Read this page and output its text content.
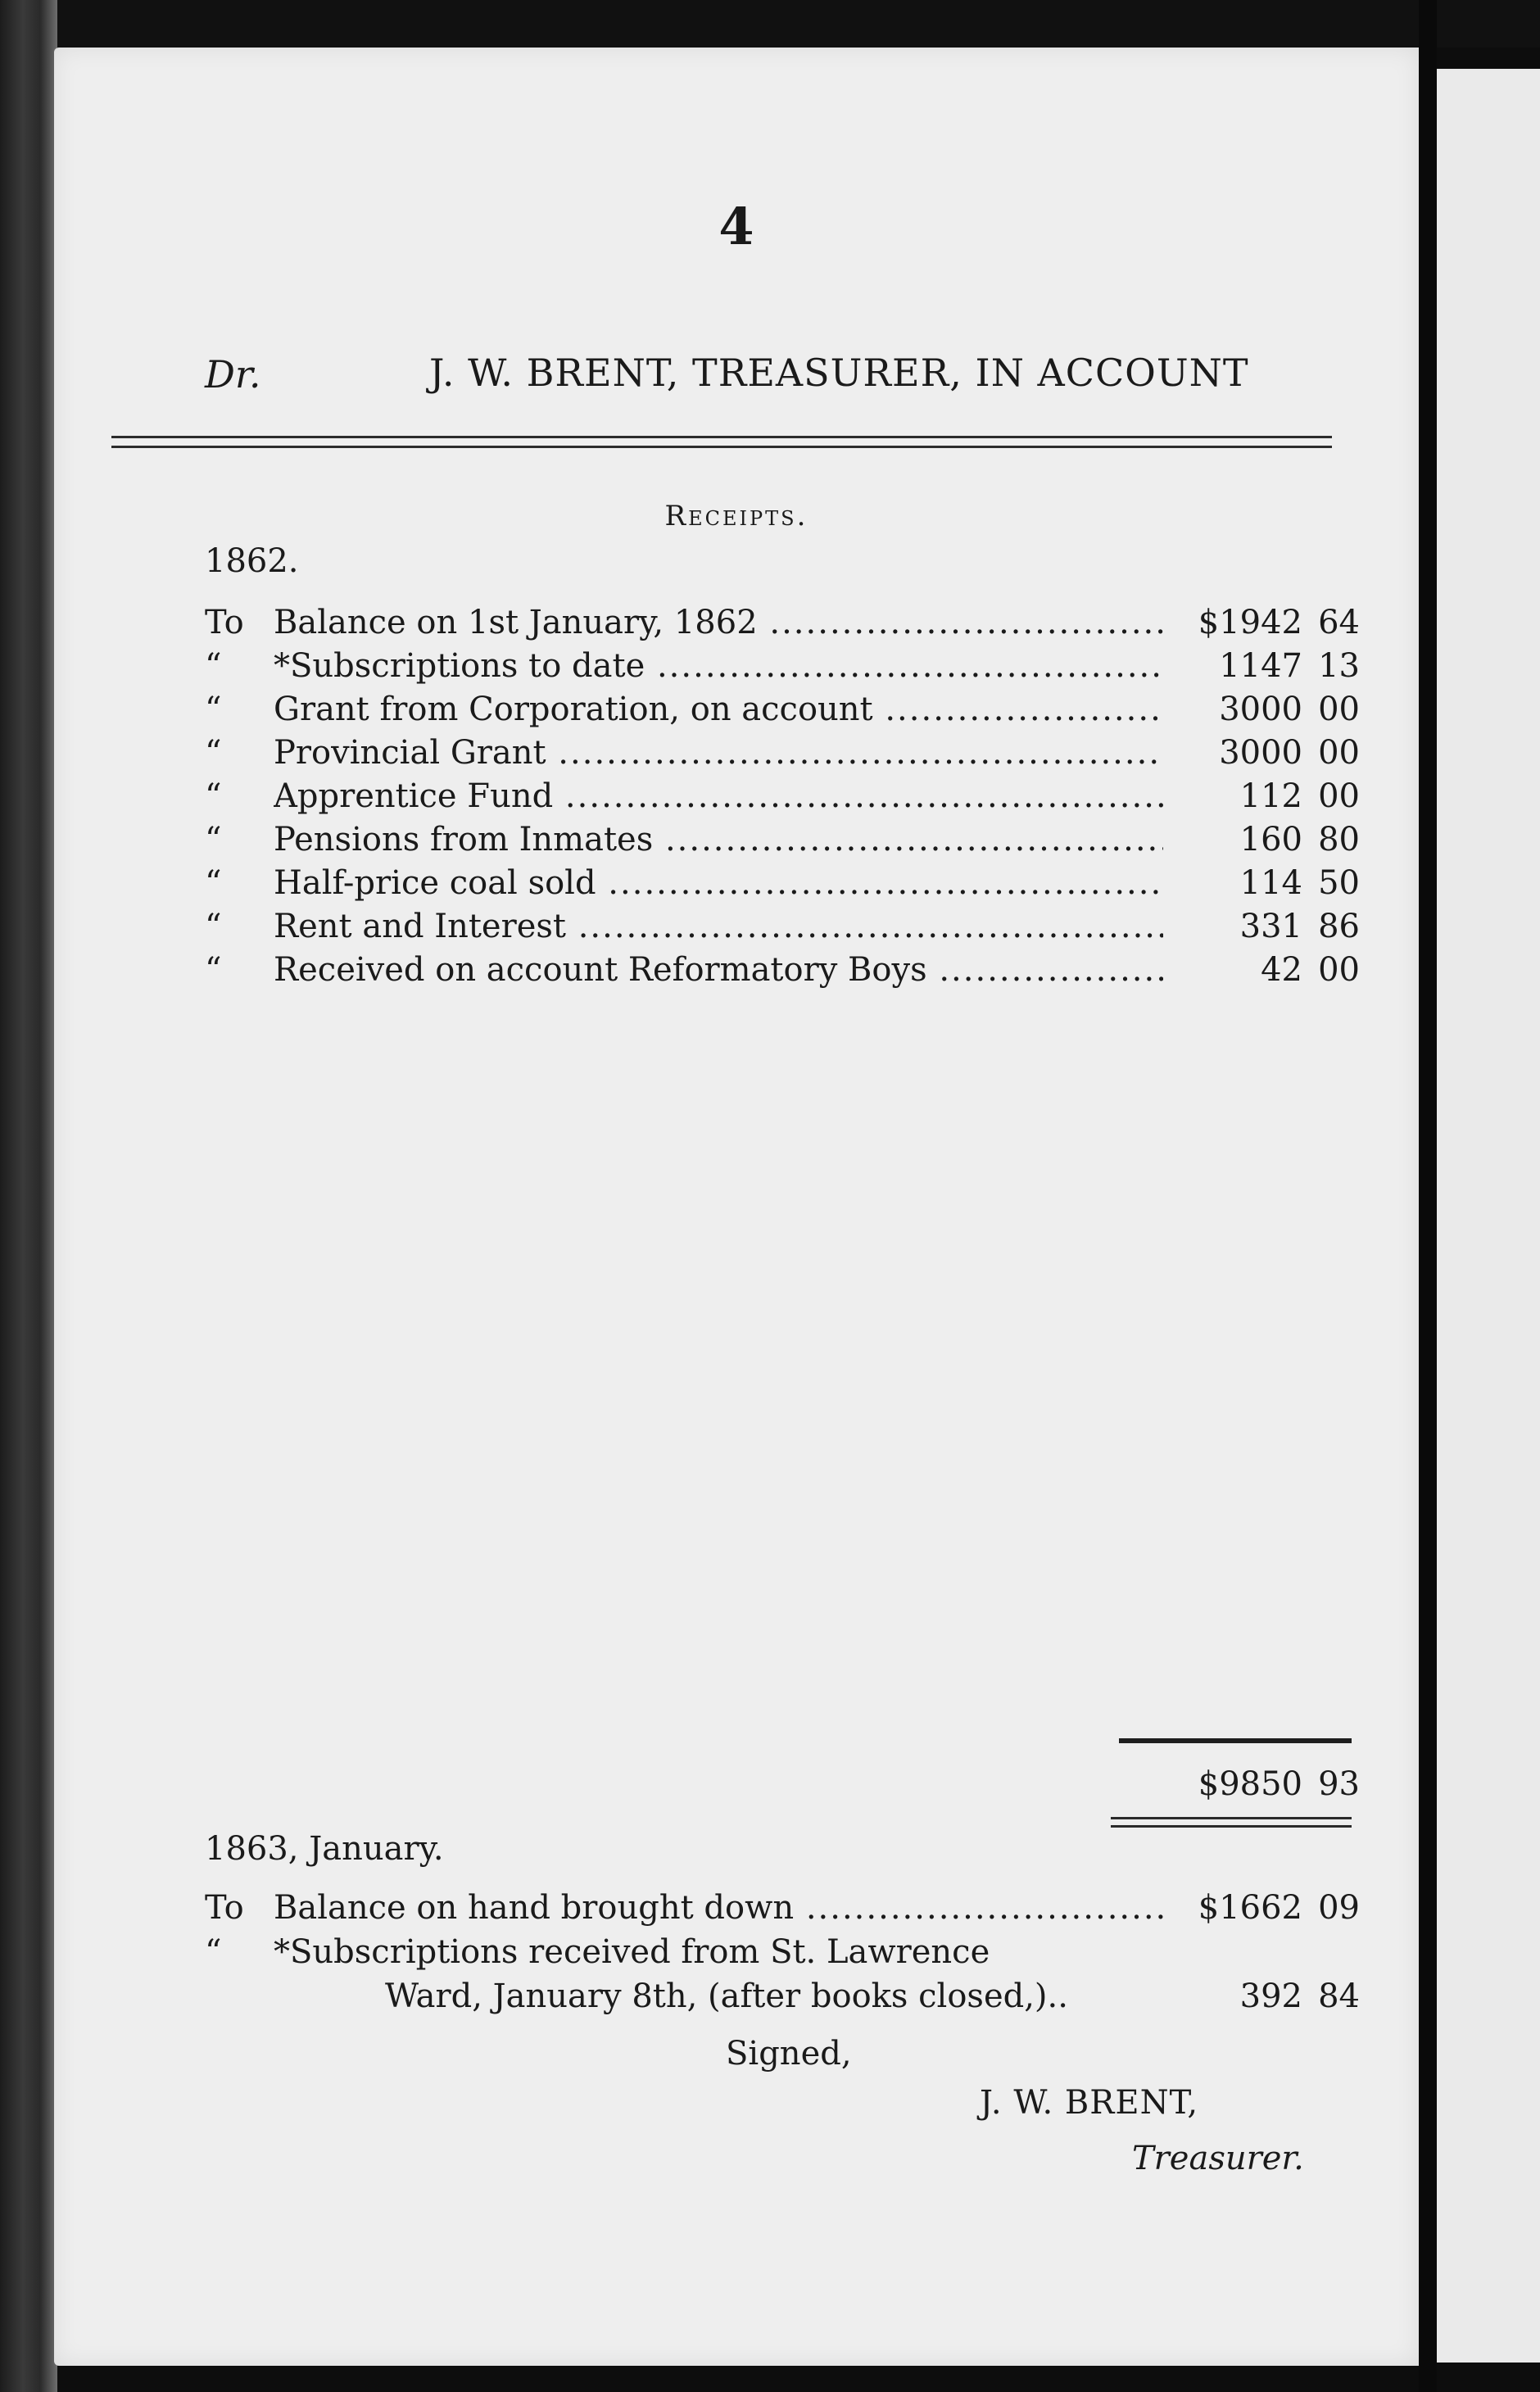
4
Dr.	J. W. BRENT, TREASURER, IN ACCOUNT
Receipts.
1862.
To Balance on 1st January, 1862 .....	$1942 64
“	*Subscriptions to date .....	1147 13
“	Grant from Corporation, on account .....	3000 00
“	Provincial Grant .....	3000 00
“	Apprentice Fund .....	112 00
“	Pensions from Inmates .....	160 80
“	Half-price coal sold .....	114 50
“	Rent and Interest .....	331 86
“	Received on account Reformatory Boys .....	42 00
$9850 93
1863, January.
To Balance on hand brought down .....	$1662 09
“	*Subscriptions received from St. Lawrence
Ward, January 8th, (after books closed,)..	392 84
Signed,
J. W. BRENT,
Treasurer.
